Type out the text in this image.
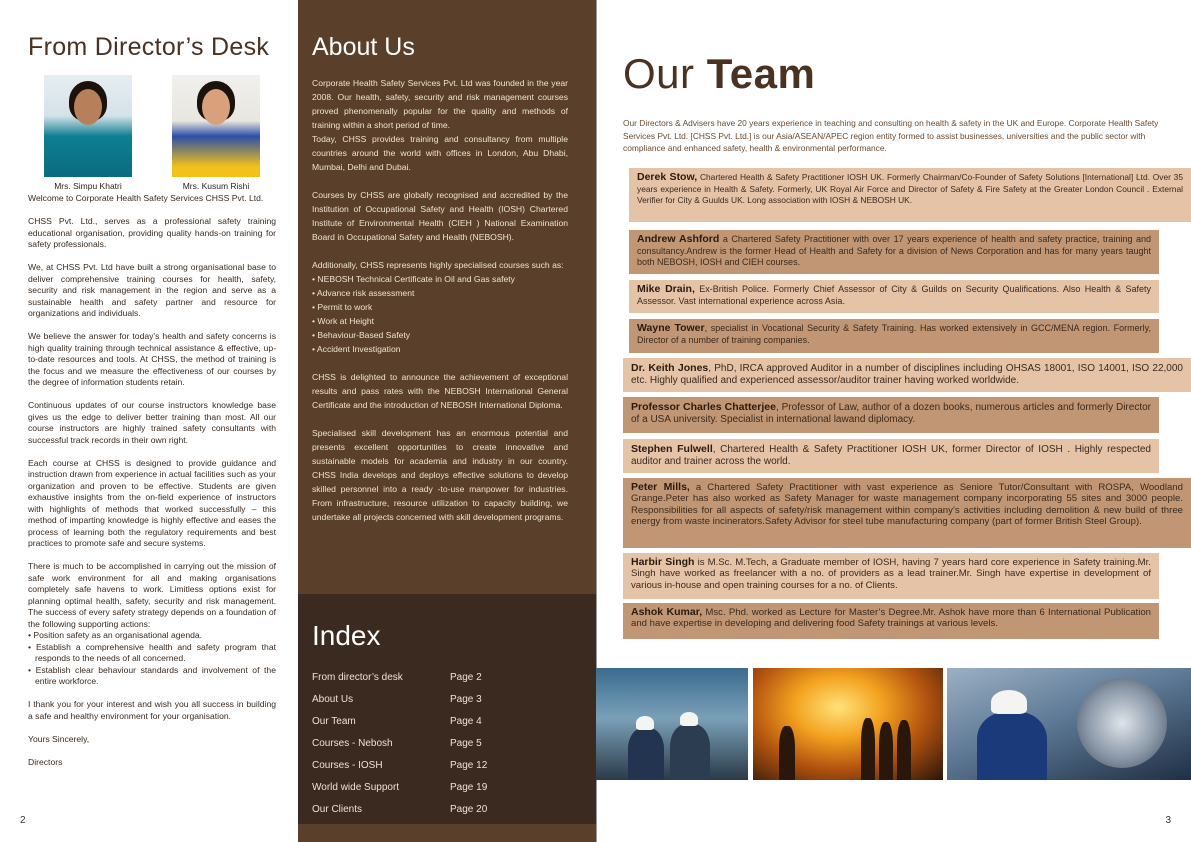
From Director’s Desk
Mrs. Simpu Khatri	Mrs. Kusum Rishi

Welcome to Corporate Health Safety Services CHSS Pvt. Ltd.

CHSS Pvt. Ltd., serves as a professional safety training educational organisation, providing quality hands-on training for safety professionals.

We, at CHSS Pvt. Ltd have built a strong organisational base to deliver comprehensive training courses for health, safety, security and risk management in the region and serve as a sustainable health and safety partner and resource for organizations and individuals.

We believe the answer for today’s health and safety concerns is high quality training through technical assistance & effective, up-to-date resources and tools. At CHSS, the method of training is the focus and we measure the effectiveness of our courses by the degree of information students retain.

Continuous updates of our course instructors knowledge base gives us the edge to deliver better training than most. All our course instructors are highly trained safety consultants with successful track records in their own right.

Each course at CHSS is designed to provide guidance and instruction drawn from experience in actual facilities such as your organization and proven to be effective. Students are given exhaustive insights from the on-field experience of instructors with highlights of methods that worked successfully – this method of imparting knowledge is highly effective and eases the process of learning both the regulatory requirements and best practices to promote safe and secure systems.

There is much to be accomplished in carrying out the mission of safe work environment for all and making organisations completely safe havens to work. Limitless options exist for planning optimal health, safety, security and risk management. The success of every safety strategy depends on a foundation of the following supporting actions:

• Position safety as an organisational agenda.
• Establish a comprehensive health and safety program that responds to the needs of all concerned.
• Establish clear behaviour standards and involvement of the entire workforce.

I thank you for your interest and wish you all success in building a safe and healthy environment for your organisation.

Yours Sincerely,

Directors

2
About Us

Corporate Health Safety Services Pvt. Ltd was founded in the year 2008. Our health, safety, security and risk management courses proved phenomenally popular for the quality and methods of training within a short period of time.

Today, CHSS provides training and consultancy from multiple countries around the world with offices in London, Abu Dhabi, Mumbai, Delhi and Dubai.

Courses by CHSS are globally recognised and accredited by the Institution of Occupational Safety and Health (IOSH) Chartered Institute of Environmental Health (CIEH ) National Examination Board in Occupational Safety and Health (NEBOSH).

Additionally, CHSS represents highly specialised courses such as:

• NEBOSH Technical Certificate in Oil and Gas safety
• Advance risk assessment
• Permit to work
• Work at Height
• Behaviour-Based Safety
• Accident Investigation

CHSS is delighted to announce the achievement of exceptional results and pass rates with the NEBOSH International General Certificate and the introduction of NEBOSH International Diploma.

Specialised skill development has an enormous potential and presents excellent opportunities to create innovative and sustainable models for academia and industry in our country. CHSS India develops and deploys effective solutions to develop skilled personnel into a ready -to-use manpower for industries. From infrastructure, resource utilization to capacity building, we undertake all projects concerned with skill development programs.

Index
From director’s desk	Page 2
About Us	Page 3
Our Team	Page 4
Courses - Nebosh	Page 5
Courses - IOSH	Page 12
World wide Support	Page 19
Our Clients	Page 20
Our Team
Our Directors & Advisers have 20 years experience in teaching and consulting on health & safety in the UK and Europe. Corporate Health Safety Services Pvt. Ltd. [CHSS Pvt. Ltd.] is our Asia/ASEAN/APEC region entity formed to assist businesses, universities and the public sector with compliance and enhanced safety, health & environmental performance.
Derek Stow, Chartered Health & Safety Practitioner IOSH UK. Formerly Chairman/Co-Founder of Safety Solutions [International] Ltd. Over 35 years experience in Health & Safety. Formerly, UK Royal Air Force and Director of Safety & Fire Safety at the Greater London Council . External Verifier for City & Guulds UK. Long association with IOSH & NEBOSH UK.
Andrew Ashford a Chartered Safety Practitioner with over 17 years experience of health and safety practice, training and consultancy.Andrew is the former Head of Health and Safety for a division of News Corporation and has for many years taught both NEBOSH, IOSH and CIEH courses.
Mike Drain, Ex-British Police. Formerly Chief Assessor of City & Guilds on Security Qualifications. Also Health & Safety Assessor. Vast international experience across Asia.
Wayne Tower, specialist in Vocational Security & Safety Training. Has worked extensively in GCC/MENA region. Formerly, Director of a number of training companies.
Dr. Keith Jones, PhD, IRCA approved Auditor in a number of disciplines including OHSAS 18001, ISO 14001, ISO 22,000 etc. Highly qualified and experienced assessor/auditor trainer having worked worldwide.
Professor Charles Chatterjee, Professor of Law, author of a dozen books, numerous articles and formerly Director of a USA university. Specialist in international lawand diplomacy.
Stephen Fulwell, Chartered Health & Safety Practitioner IOSH UK, former Director of IOSH . Highly respected auditor and trainer across the world.
Peter Mills, a Chartered Safety Practitioner with vast experience as Seniore Tutor/Consultant with ROSPA, Woodland Grange.Peter has also worked as Safety Manager for waste management company incorporating 55 sites and 3000 people. Responsibilities for all aspects of safety/risk management within company’s activities including demolition & new build of three energy from waste incinerators.Safety Advisor for steel tube manufacturing company (part of former British Steel Group).
Harbir Singh is M.Sc. M.Tech, a Graduate member of IOSH, having 7 years hard core experience in Safety training.Mr. Singh have worked as freelancer with a no. of providers as a lead trainer.Mr. Singh have expertise in development of various in-house and open training courses for a no. of Clients.
Ashok Kumar, Msc. Phd. worked as Lecture for Master’s Degree.Mr. Ashok have more than 6 International Publication and have expertise in developing and delivering food Safety trainings at various levels.
3
